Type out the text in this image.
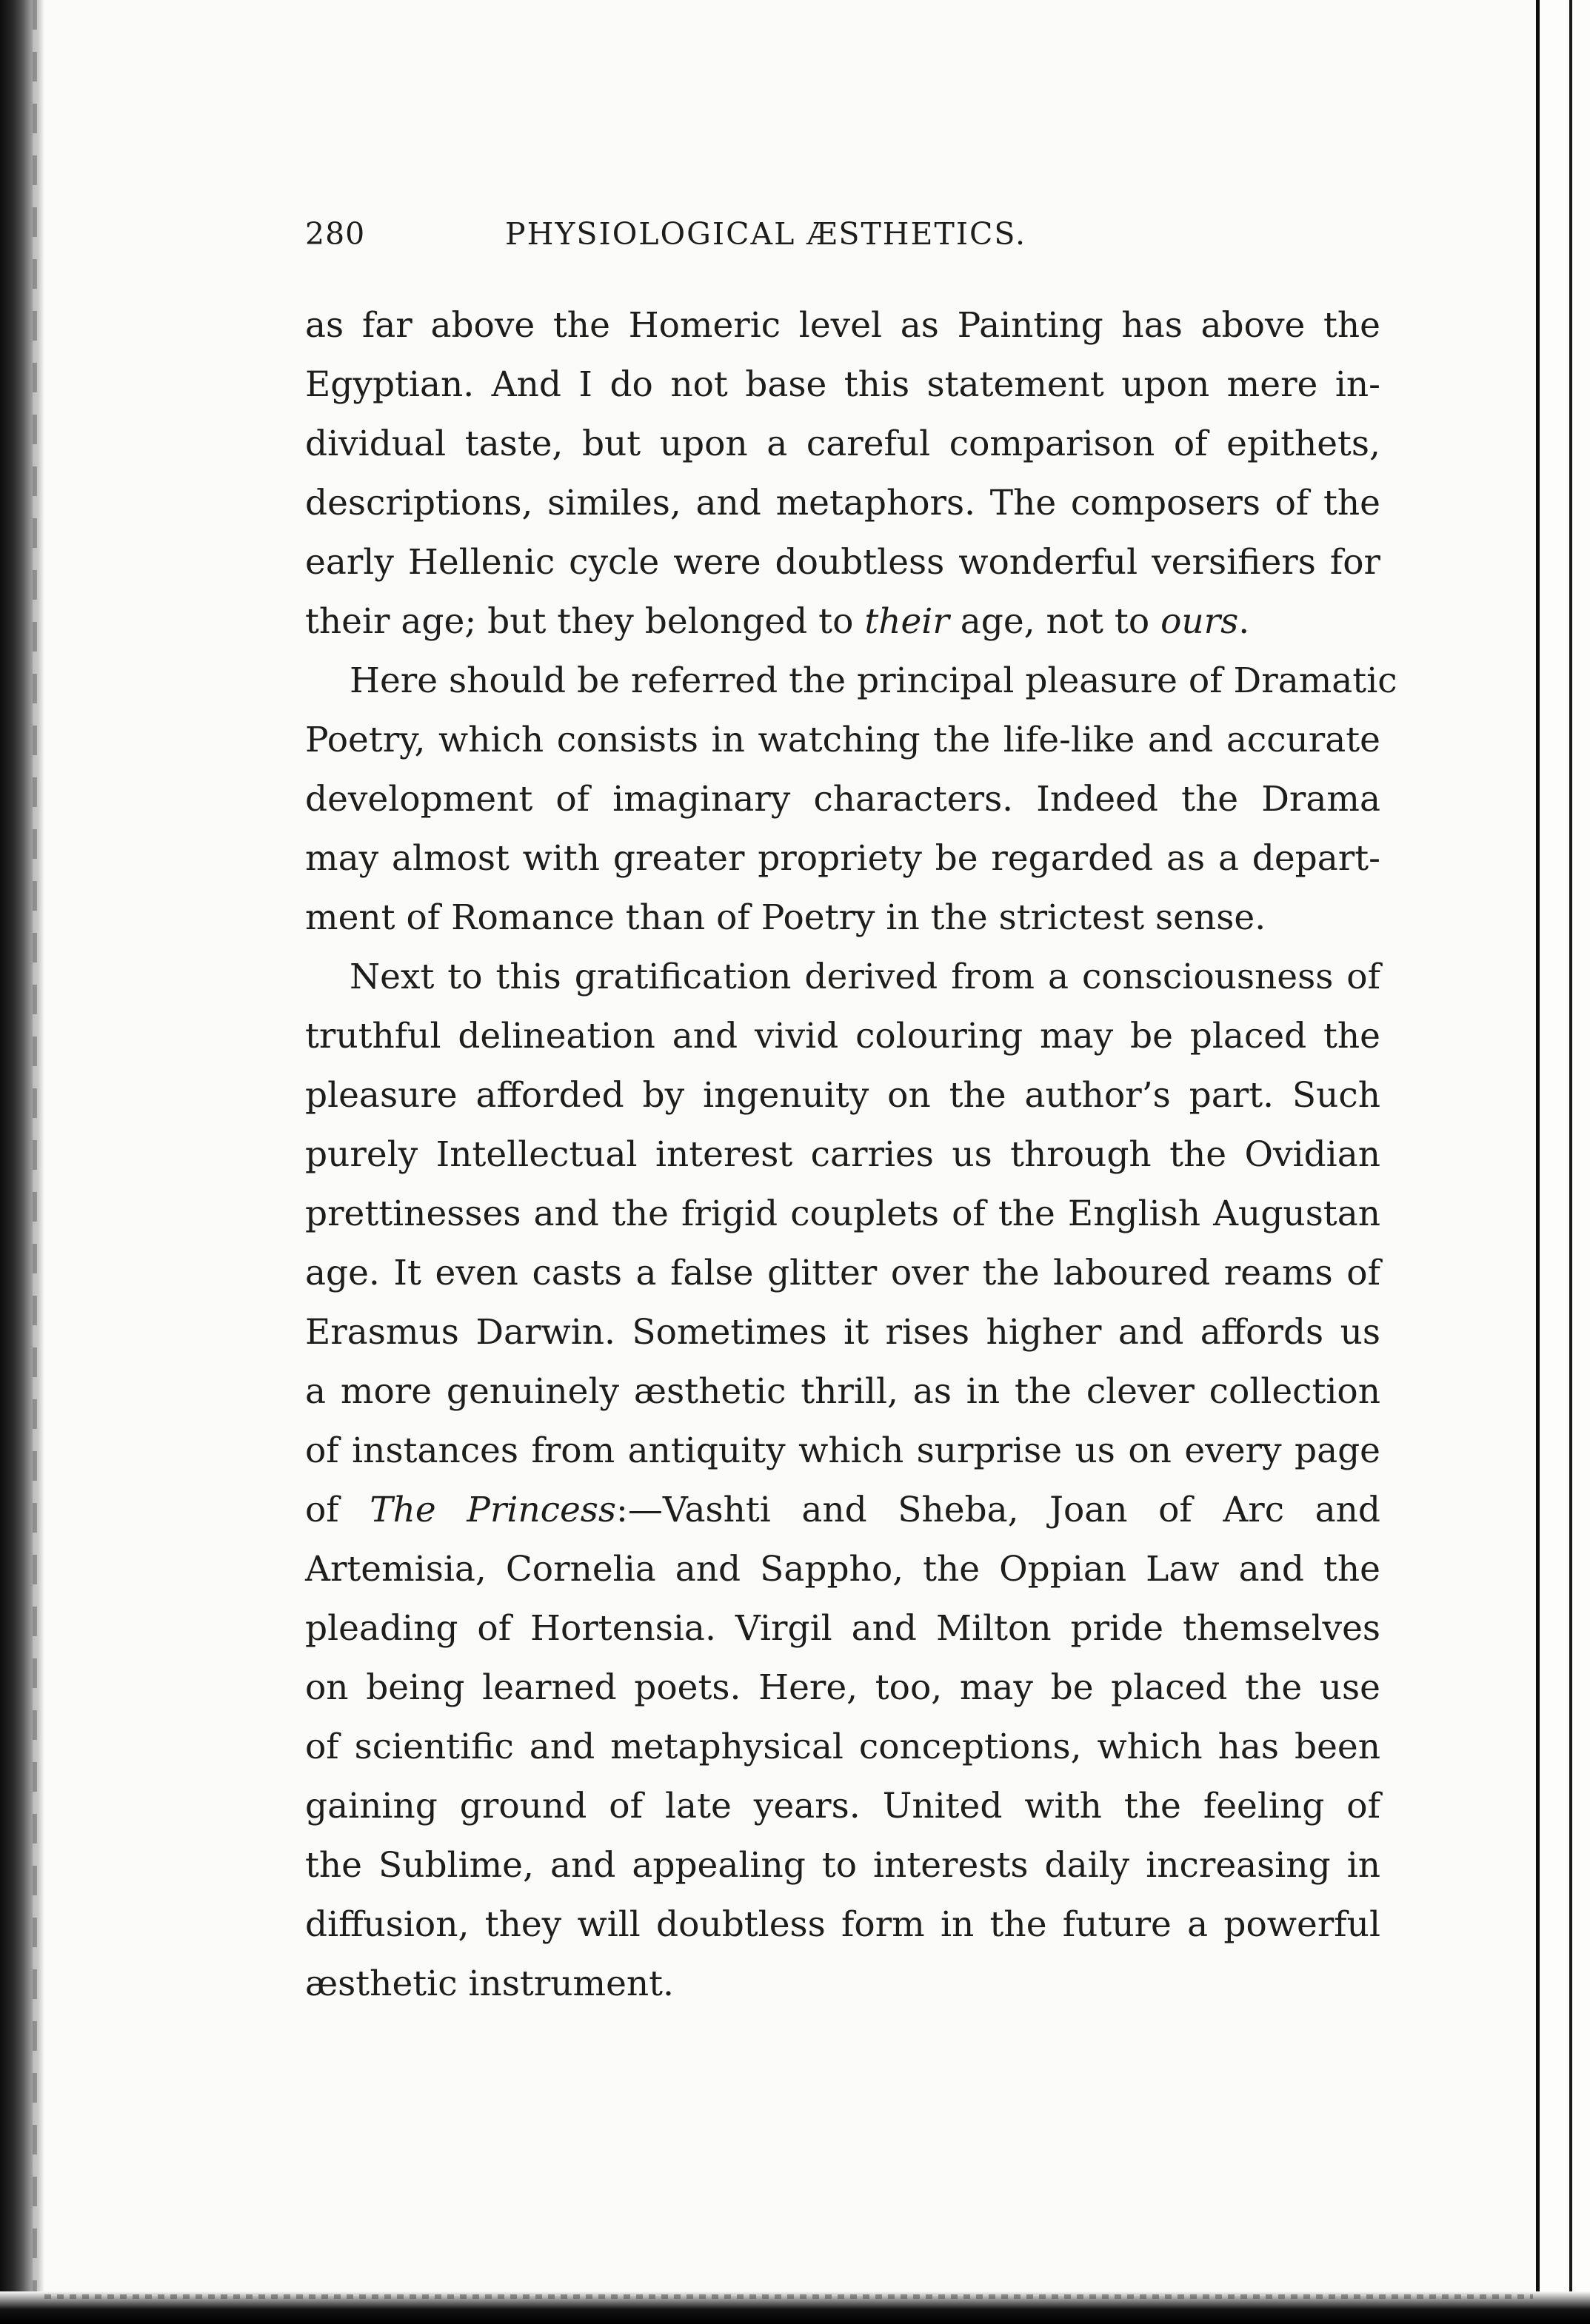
280	PHYSIOLOGICAL ÆSTHETICS.
as far above the Homeric level as Painting has above the
Egyptian. And I do not base this statement upon mere in-
dividual taste, but upon a careful comparison of epithets,
descriptions, similes, and metaphors. The composers of the
early Hellenic cycle were doubtless wonderful versifiers for
their age; but they belonged to their age, not to ours.
Here should be referred the principal pleasure of Dramatic
Poetry, which consists in watching the life-like and accurate
development of imaginary characters. Indeed the Drama
may almost with greater propriety be regarded as a depart-
ment of Romance than of Poetry in the strictest sense.
Next to this gratification derived from a consciousness of
truthful delineation and vivid colouring may be placed the
pleasure afforded by ingenuity on the author’s part. Such
purely Intellectual interest carries us through the Ovidian
prettinesses and the frigid couplets of the English Augustan
age. It even casts a false glitter over the laboured reams of
Erasmus Darwin. Sometimes it rises higher and affords us
a more genuinely æsthetic thrill, as in the clever collection
of instances from antiquity which surprise us on every page
of The Princess:—Vashti and Sheba, Joan of Arc and
Artemisia, Cornelia and Sappho, the Oppian Law and the
pleading of Hortensia. Virgil and Milton pride themselves
on being learned poets. Here, too, may be placed the use
of scientific and metaphysical conceptions, which has been
gaining ground of late years. United with the feeling of
the Sublime, and appealing to interests daily increasing in
diffusion, they will doubtless form in the future a powerful
æsthetic instrument.
